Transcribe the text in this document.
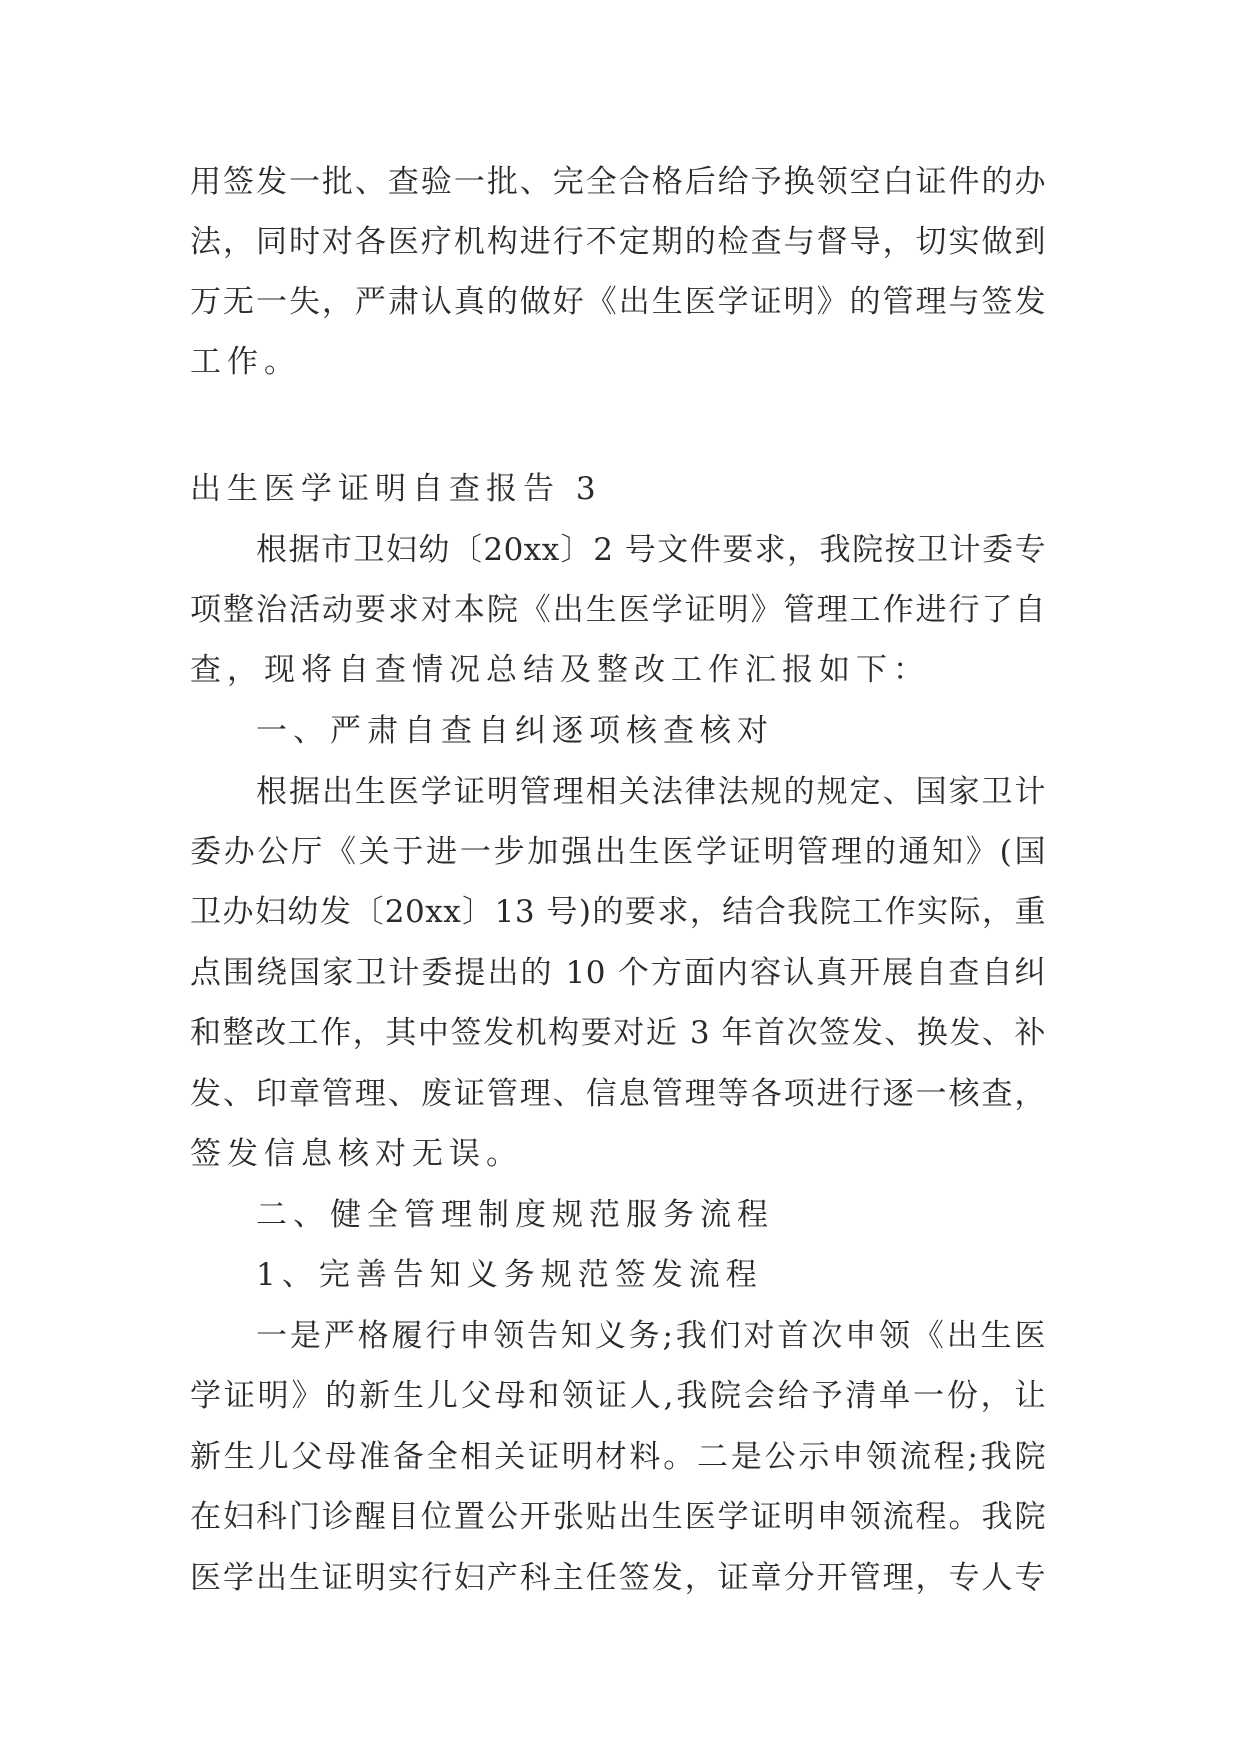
用签发一批、查验一批、完全合格后给予换领空白证件的办
法，同时对各医疗机构进行不定期的检查与督导，切实做到
万无一失，严肃认真的做好《出生医学证明》的管理与签发
工作。
出生医学证明自查报告 3
根据市卫妇幼〔20xx〕2 号文件要求，我院按卫计委专
项整治活动要求对本院《出生医学证明》管理工作进行了自
查，现将自查情况总结及整改工作汇报如下：
一、严肃自查自纠逐项核查核对
根据出生医学证明管理相关法律法规的规定、国家卫计
委办公厅《关于进一步加强出生医学证明管理的通知》(国
卫办妇幼发〔20xx〕13 号)的要求，结合我院工作实际，重
点围绕国家卫计委提出的 10 个方面内容认真开展自查自纠
和整改工作，其中签发机构要对近 3 年首次签发、换发、补
发、印章管理、废证管理、信息管理等各项进行逐一核查，
签发信息核对无误。
二、健全管理制度规范服务流程
1、完善告知义务规范签发流程
一是严格履行申领告知义务;我们对首次申领《出生医
学证明》的新生儿父母和领证人,我院会给予清单一份，让
新生儿父母准备全相关证明材料。二是公示申领流程;我院
在妇科门诊醒目位置公开张贴出生医学证明申领流程。我院
医学出生证明实行妇产科主任签发，证章分开管理，专人专
